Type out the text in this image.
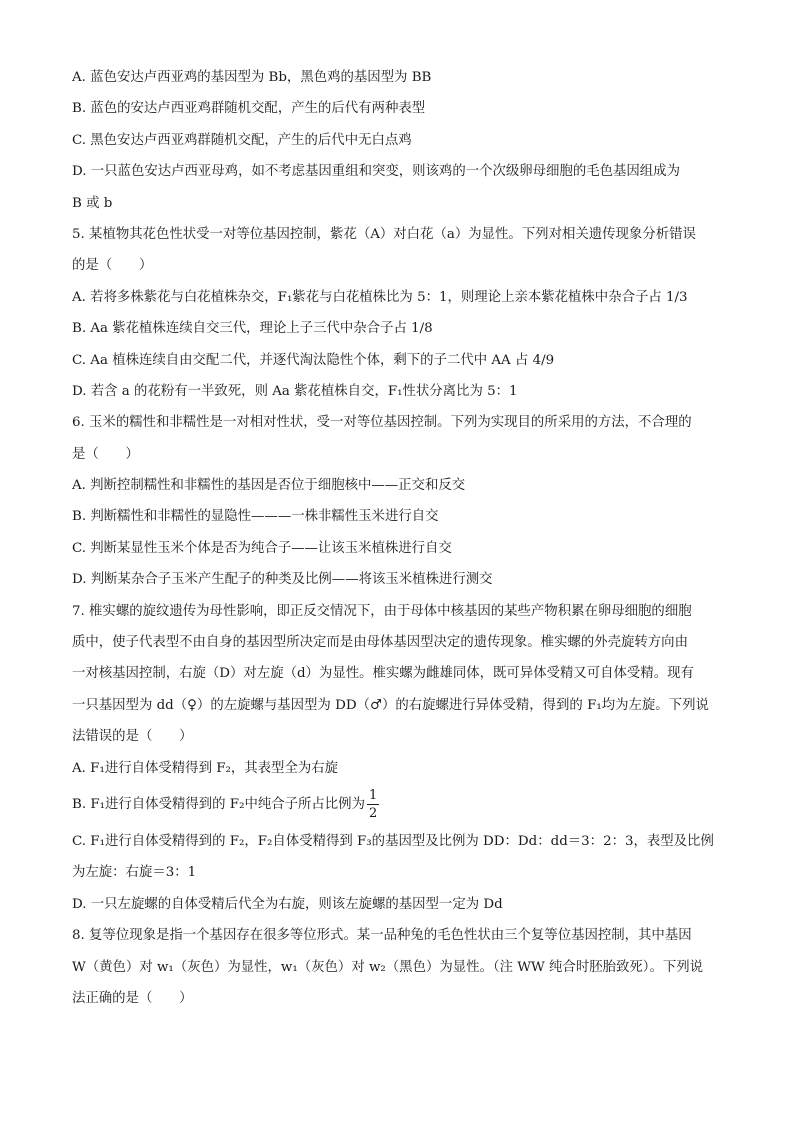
A. 蓝色安达卢西亚鸡的基因型为 Bb，黑色鸡的基因型为 BB
B. 蓝色的安达卢西亚鸡群随机交配，产生的后代有两种表型
C. 黑色安达卢西亚鸡群随机交配，产生的后代中无白点鸡
D. 一只蓝色安达卢西亚母鸡，如不考虑基因重组和突变，则该鸡的一个次级卵母细胞的毛色基因组成为
B 或 b
5. 某植物其花色性状受一对等位基因控制，紫花（A）对白花（a）为显性。下列对相关遗传现象分析错误
的是（　　）
A. 若将多株紫花与白花植株杂交，F₁紫花与白花植株比为 5：1，则理论上亲本紫花植株中杂合子占 1/3
B. Aa 紫花植株连续自交三代，理论上子三代中杂合子占 1/8
C. Aa 植株连续自由交配二代，并逐代淘汰隐性个体，剩下的子二代中 AA 占 4/9
D. 若含 a 的花粉有一半致死，则 Aa 紫花植株自交，F₁性状分离比为 5：1
6. 玉米的糯性和非糯性是一对相对性状，受一对等位基因控制。下列为实现目的所采用的方法，不合理的
是（　　）
A. 判断控制糯性和非糯性的基因是否位于细胞核中——正交和反交
B. 判断糯性和非糯性的显隐性———一株非糯性玉米进行自交
C. 判断某显性玉米个体是否为纯合子——让该玉米植株进行自交
D. 判断某杂合子玉米产生配子的种类及比例——将该玉米植株进行测交
7. 椎实螺的旋纹遗传为母性影响，即正反交情况下，由于母体中核基因的某些产物积累在卵母细胞的细胞
质中，使子代表型不由自身的基因型所决定而是由母体基因型决定的遗传现象。椎实螺的外壳旋转方向由
一对核基因控制，右旋（D）对左旋（d）为显性。椎实螺为雌雄同体，既可异体受精又可自体受精。现有
一只基因型为 dd（♀）的左旋螺与基因型为 DD（♂）的右旋螺进行异体受精，得到的 F₁均为左旋。下列说
法错误的是（　　）
A. F₁进行自体受精得到 F₂，其表型全为右旋
B. F₁进行自体受精得到的 F₂中纯合子所占比例为 $\frac{1}{2}$
C. F₁进行自体受精得到的 F₂，F₂自体受精得到 F₃的基因型及比例为 DD：Dd：dd＝3：2：3，表型及比例
为左旋：右旋＝3：1
D. 一只左旋螺的自体受精后代全为右旋，则该左旋螺的基因型一定为 Dd
8. 复等位现象是指一个基因存在很多等位形式。某一品种兔的毛色性状由三个复等位基因控制，其中基因
W（黄色）对 w₁（灰色）为显性，w₁（灰色）对 w₂（黑色）为显性。（注 WW 纯合时胚胎致死）。下列说
法正确的是（　　）
